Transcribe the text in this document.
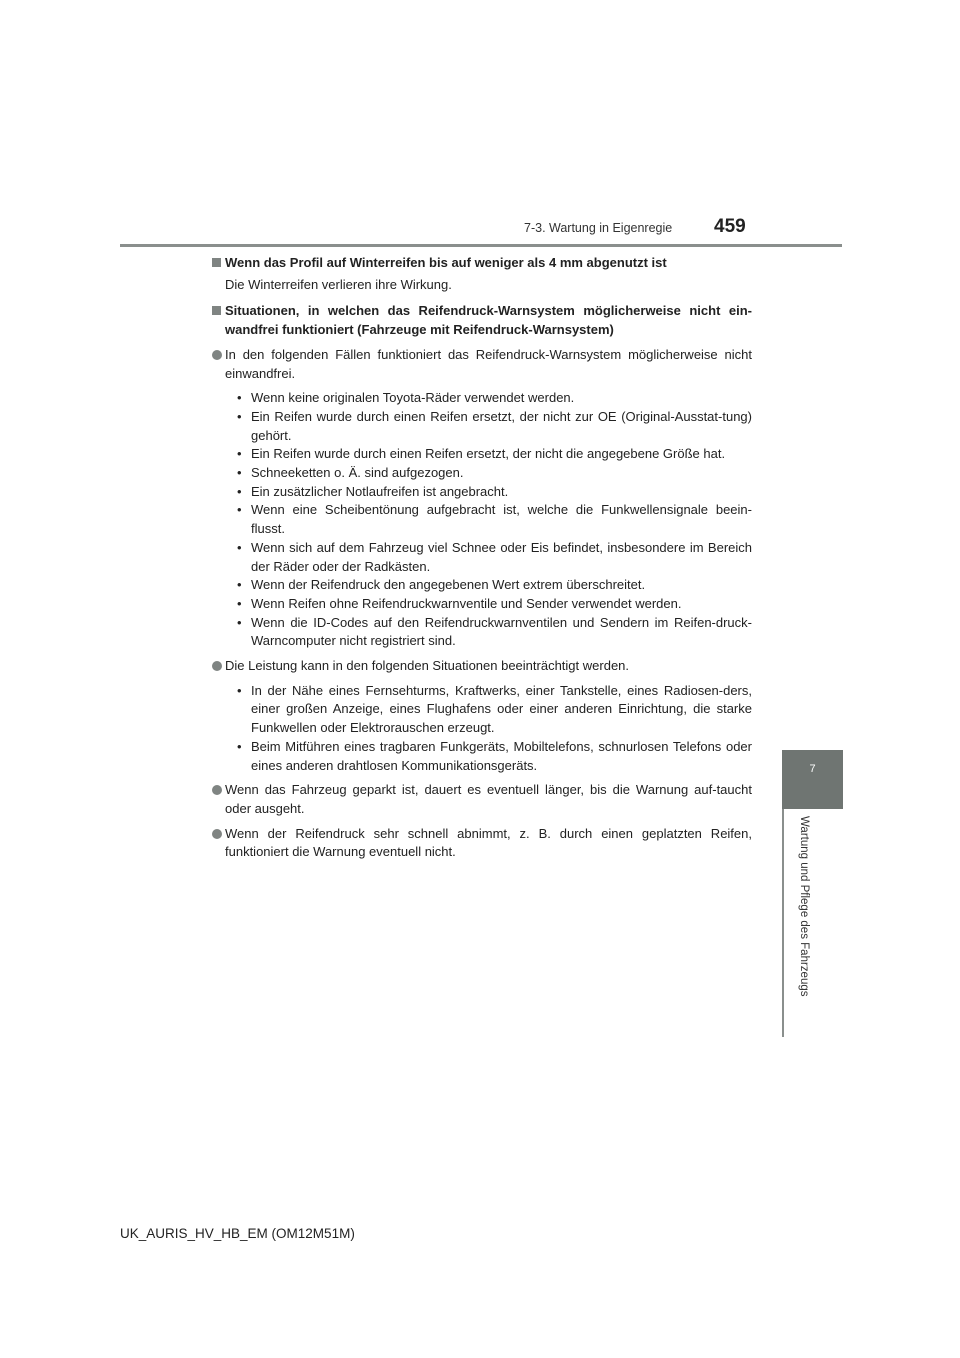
7-3. Wartung in Eigenregie 459
7
Wartung und Pflege des Fahrzeugs
Wenn das Profil auf Winterreifen bis auf weniger als 4 mm abgenutzt ist
Die Winterreifen verlieren ihre Wirkung.
Situationen, in welchen das Reifendruck-Warnsystem möglicherweise nicht ein-wandfrei funktioniert (Fahrzeuge mit Reifendruck-Warnsystem)
In den folgenden Fällen funktioniert das Reifendruck-Warnsystem möglicherweise nicht einwandfrei.
• Wenn keine originalen Toyota-Räder verwendet werden.
• Ein Reifen wurde durch einen Reifen ersetzt, der nicht zur OE (Original-Ausstat-tung) gehört.
• Ein Reifen wurde durch einen Reifen ersetzt, der nicht die angegebene Größe hat.
• Schneeketten o. Ä. sind aufgezogen.
• Ein zusätzlicher Notlaufreifen ist angebracht.
• Wenn eine Scheibentönung aufgebracht ist, welche die Funkwellensignale beein-flusst.
• Wenn sich auf dem Fahrzeug viel Schnee oder Eis befindet, insbesondere im Bereich der Räder oder der Radkästen.
• Wenn der Reifendruck den angegebenen Wert extrem überschreitet.
• Wenn Reifen ohne Reifendruckwarnventile und Sender verwendet werden.
• Wenn die ID-Codes auf den Reifendruckwarnventilen und Sendern im Reifen-druck-Warncomputer nicht registriert sind.
Die Leistung kann in den folgenden Situationen beeinträchtigt werden.
• In der Nähe eines Fernsehturms, Kraftwerks, einer Tankstelle, eines Radiosen-ders, einer großen Anzeige, eines Flughafens oder einer anderen Einrichtung, die starke Funkwellen oder Elektrorauschen erzeugt.
• Beim Mitführen eines tragbaren Funkgeräts, Mobiltelefons, schnurlosen Telefons oder eines anderen drahtlosen Kommunikationsgeräts.
Wenn das Fahrzeug geparkt ist, dauert es eventuell länger, bis die Warnung auf-taucht oder ausgeht.
Wenn der Reifendruck sehr schnell abnimmt, z. B. durch einen geplatzten Reifen, funktioniert die Warnung eventuell nicht.
UK_AURIS_HV_HB_EM (OM12M51M)
